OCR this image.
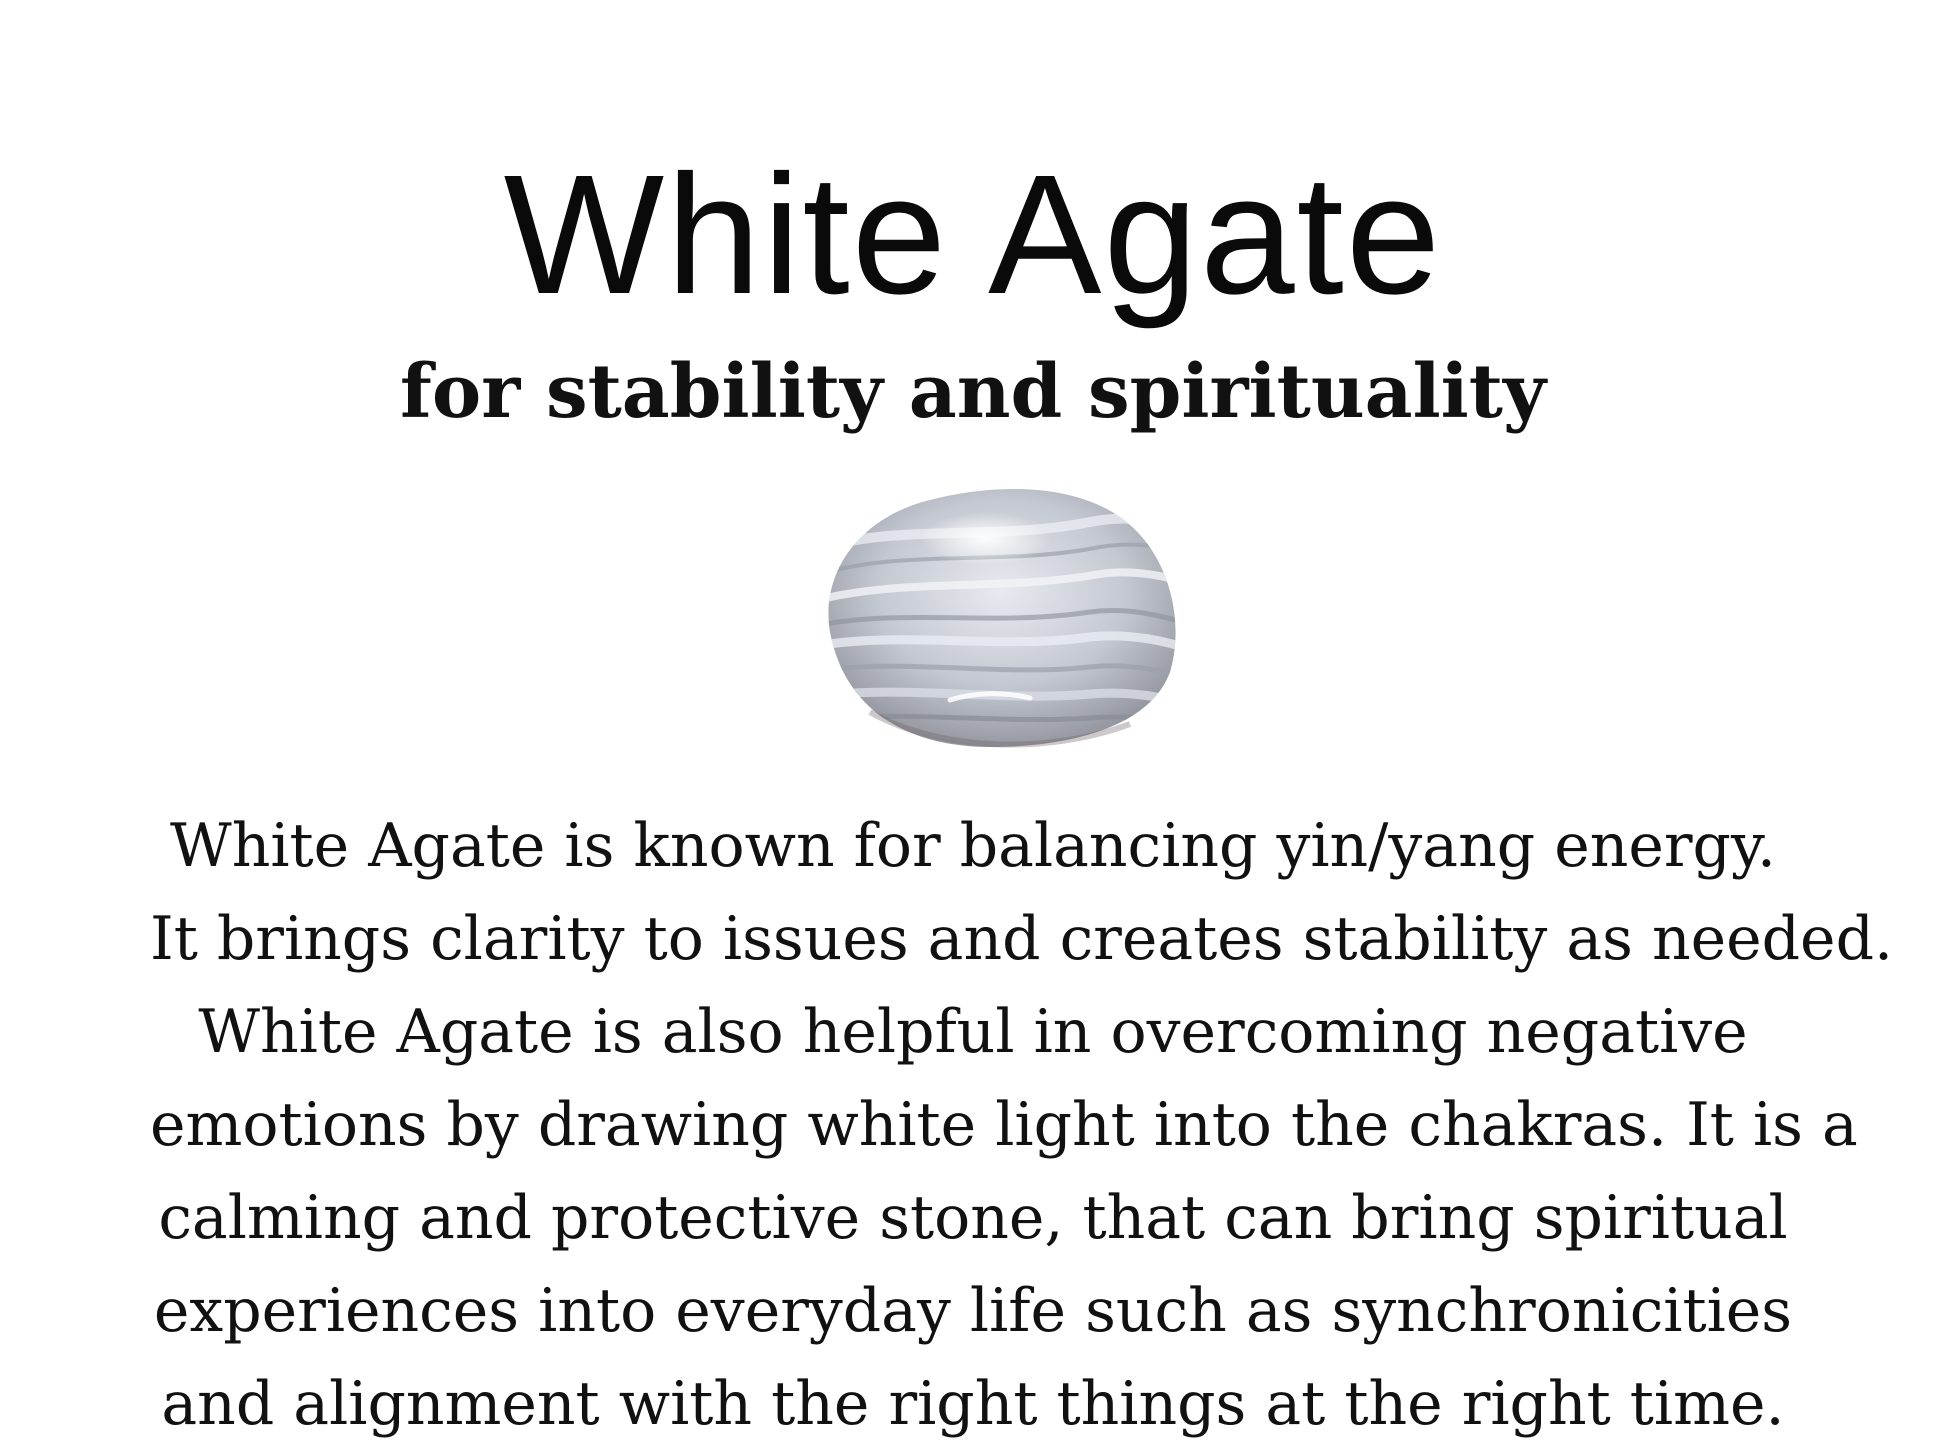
White Agate
for stability and spirituality

White Agate is known for balancing yin/yang energy.
It brings clarity to issues and creates stability as needed.
White Agate is also helpful in overcoming negative
emotions by drawing white light into the chakras. It is a
calming and protective stone, that can bring spiritual
experiences into everyday life such as synchronicities
and alignment with the right things at the right time.
